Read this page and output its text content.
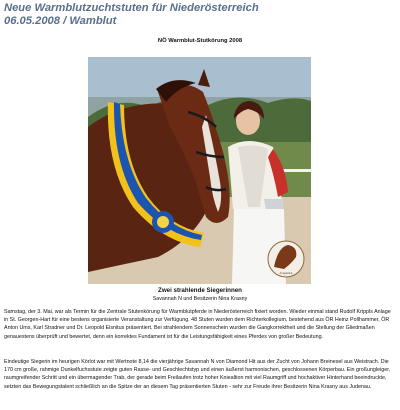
Neue Warmblutzuchtstuten für Niederösterreich
06.05.2008 / Wamblut
NÖ Warmblut-Stutkörung 2008
Angelika
Zwei strahlende Siegerinnen
Savannah N und Besitzerin Nina Krasny

Samstag, der 3. Mai, war als Termin für die Zentrale Stutenkörung für Warmblutpferde in Niederösterreich fixiert worden. Wieder einmal stand Rudolf Krippls Anlage in St. Georgen-Hart für eine bestens organisierte Veranstaltung zur Verfügung. 48 Stuten wurden dem Richterkollegium, bestehend aus ÖR Heinz Pollhammer, ÖR Anton Ums, Karl Stradner und Dr. Leopold Eisnitus präsentiert. Bei strahlendem Sonnenschein wurden die Gangkorrektheit und die Stellung der Gliedmaßen genauestens überprüft und bewertet, denn ein korrektes Fundament ist für die Leistungsfähigkeit eines Pferdes von großer Bedeutung.

Eindeutige Siegerin im heurigen Körlot war mit Wertnote 8,14 die vierjährige Savannah N von Diamond Hit aus der Zucht von Johann Breinesel aus Weistrach. Die 170 cm große, rahmige Dunkelfuchsstute zeigte guten Rasse- und Geschlechtstyp und einen äußerst harmonischen, geschlossenen Körperbau. Ein großungleiger, raumgreifender Schritt und ein übermagender Trab, der gerade beim Freilaufen trotz hoher Kniealtion mit viel Raumgriff und hochaktiver Hinterhand beeindruckte, setzten das Bewegungstalent schließlich an die Spitze der an diesem Tag präsentierten Stuten - sehr zur Freude ihrer Besitzerin Nina Krasny aus Judenau.
